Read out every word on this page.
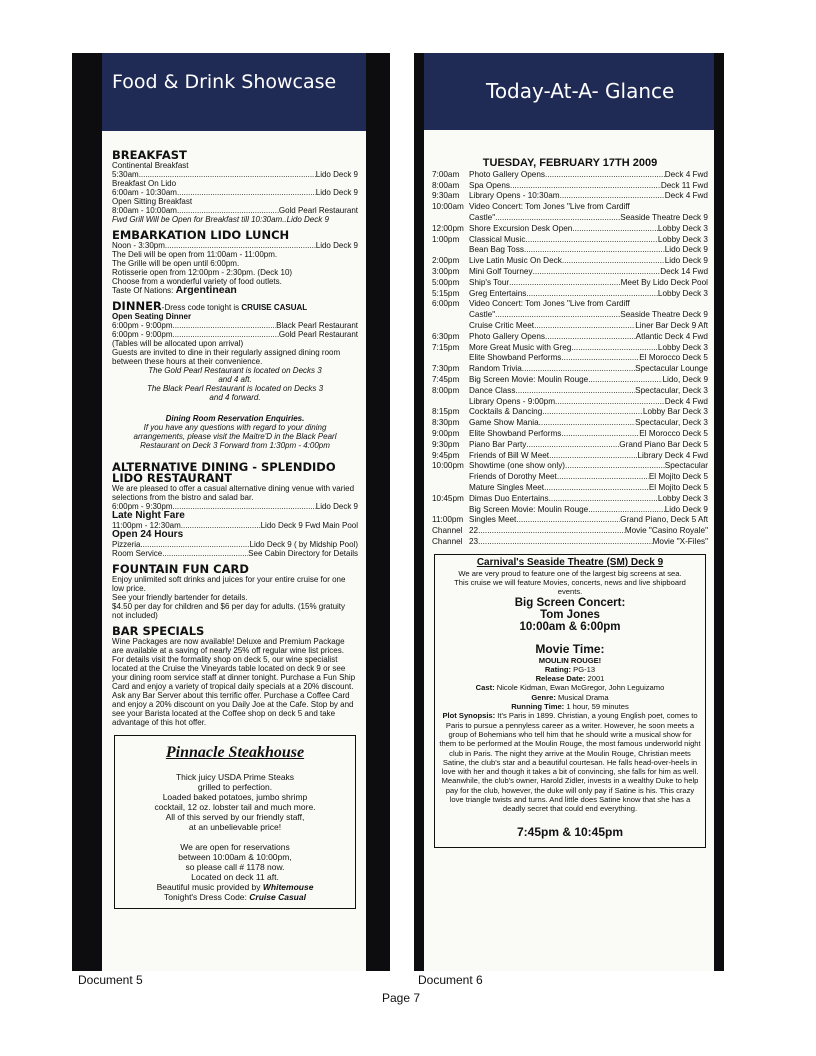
Food & Drink Showcase
BREAKFAST
Continental Breakfast
5:30am .....	Lido Deck 9
Breakfast On Lido
6:00am - 10:30am .....	Lido Deck 9
Open Sitting Breakfast
8:00am - 10:00am .....	Gold Pearl Restaurant
Fwd Grill Will be Open for Breakfast till 10:30am..Lido Deck 9
EMBARKATION LIDO LUNCH
Noon - 3:30pm .....	Lido Deck 9
The Deli will be open from 11:00am - 11:00pm.
The Grille will be open until 6:00pm.
Rotisserie open from 12:00pm - 2:30pm. (Deck 10)
Choose from a wonderful variety of food outlets.
Taste Of Nations: Argentinean
DINNER-Dress code tonight is CRUISE CASUAL
Open Seating Dinner
6:00pm - 9:00pm .....	Black Pearl Restaurant
6:00pm - 9:00pm .....	Gold Pearl Restaurant
(Tables will be allocated upon arrival)
Guests are invited to dine in their regularly assigned dining room between these hours at their convenience.
The Gold Pearl Restaurant is located on Decks 3 and 4 aft.
The Black Pearl Restaurant is located on Decks 3 and 4 forward.
Dining Room Reservation Enquiries.
If you have any questions with regard to your dining arrangements, please visit the Maitre'D in the Black Pearl Restaurant on Deck 3 Forward from 1:30pm - 4:00pm
ALTERNATIVE DINING - SPLENDIDO LIDO RESTAURANT
We are pleased to offer a casual alternative dining venue with varied selections from the bistro and salad bar.
6:00pm - 9:30pm .....	Lido Deck 9
Late Night Fare
11:00pm - 12:30am .....	Lido Deck 9 Fwd Main Pool
Open 24 Hours
Pizzeria .....	Lido Deck 9 ( by Midship Pool)
Room Service .....	See Cabin Directory for Details
FOUNTAIN FUN CARD
Enjoy unlimited soft drinks and juices for your entire cruise for one low price.
See your friendly bartender for details.
$4.50 per day for children and $6 per day for adults. (15% gratuity not included)
BAR SPECIALS
Wine Packages are now available! Deluxe and Premium Package are available at a saving of nearly 25% off regular wine list prices. For details visit the formality shop on deck 5, our wine specialist located at the Cruise the Vineyards table located on deck 9 or see your dining room service staff at dinner tonight. Purchase a Fun Ship Card and enjoy a variety of tropical daily specials at a 20% discount. Ask any Bar Server about this terrific offer. Purchase a Coffee Card and enjoy a 20% discount on you Daily Joe at the Cafe. Stop by and see your Barista located at the Coffee shop on deck 5 and take advantage of this hot offer.
Pinnacle Steakhouse
Thick juicy USDA Prime Steaks
grilled to perfection.
Loaded baked potatoes, jumbo shrimp
cocktail, 12 oz. lobster tail and much more.
All of this served by our friendly staff,
at an unbelievable price!
We are open for reservations
between 10:00am & 10:00pm,
so please call # 1178 now.
Located on deck 11 aft.
Beautiful music provided by Whitemouse
Tonight's Dress Code: Cruise Casual
Today-At-A- Glance
TUESDAY, FEBRUARY 17TH 2009
7:00am	Photo Gallery Opens .....	Deck 4 Fwd
8:00am	Spa Opens .....	Deck 11 Fwd
9:30am	Library Opens - 10:30am .....	Deck 4 Fwd
10:00am Video Concert: Tom Jones "Live from Cardiff
Castle" .....	Seaside Theatre Deck 9
12:00pm Shore Excursion Desk Open .....	Lobby Deck 3
1:00pm	Classical Music .....	Lobby Deck 3
Bean Bag Toss .....	Lido Deck 9
2:00pm	Live Latin Music On Deck .....	Lido Deck 9
3:00pm	Mini Golf Tourney .....	Deck 14 Fwd
5:00pm	Ship's Tour .....	Meet By Lido Deck Pool
5:15pm	Greg Entertains .....	Lobby Deck 3
6:00pm	Video Concert: Tom Jones "Live from Cardiff
Castle" .....	Seaside Theatre Deck 9
Cruise Critic Meet .....	Liner Bar Deck 9 Aft
6:30pm	Photo Gallery Opens .....	Atlantic Deck 4 Fwd
7:15pm	More Great Music with Greg .....	Lobby Deck 3
Elite Showband Performs .....	El Morocco Deck 5
7:30pm	Random Trivia .....	Spectacular Lounge
7:45pm	Big Screen Movie: Moulin Rouge .....	Lido, Deck 9
8:00pm	Dance Class .....	Spectacular, Deck 3
Library Opens - 9:00pm .....	Deck 4 Fwd
8:15pm	Cocktails & Dancing .....	Lobby Bar Deck 3
8:30pm	Game Show Mania .....	Spectacular, Deck 3
9:00pm	Elite Showband Performs .....	El Morocco Deck 5
9:30pm	Piano Bar Party .....	Grand Piano Bar Deck 5
9:45pm	Friends of Bill W Meet .....	Library Deck 4 Fwd
10:00pm Showtime (one show only) .....	Spectacular
Friends of Dorothy Meet .....	El Mojito Deck 5
Mature Singles Meet .....	El Mojito Deck 5
10:45pm Dimas Duo Entertains .....	Lobby Deck 3
Big Screen Movie: Moulin Rouge .....	Lido Deck 9
11:00pm Singles Meet .....	Grand Piano, Deck 5 Aft
Channel 22 .....	Movie "Casino Royale"
Channel 23 .....	Movie "X-Files"
Carnival's Seaside Theatre (SM) Deck 9
We are very proud to feature one of the largest big screens at sea. This cruise we will feature Movies, concerts, news and live shipboard events.
Big Screen Concert:
Tom Jones
10:00am & 6:00pm
Movie Time:
MOULIN ROUGE!
Rating: PG-13
Release Date: 2001
Cast: Nicole Kidman, Ewan McGregor, John Leguizamo
Genre: Musical Drama
Running Time: 1 hour, 59 minutes
Plot Synopsis: It's Paris in 1899. Christian, a young English poet, comes to Paris to pursue a pennyless career as a writer. However, he soon meets a group of Bohemians who tell him that he should write a musical show for them to be performed at the Moulin Rouge, the most famous underworld night club in Paris. The night they arrive at the Moulin Rouge, Christian meets Satine, the club's star and a beautiful courtesan. He falls head-over-heels in love with her and though it takes a bit of convincing, she falls for him as well. Meanwhile, the club's owner, Harold Zidler, invests in a wealthy Duke to help pay for the club, however, the duke will only pay if Satine is his. This crazy love triangle twists and turns. And little does Satine know that she has a deadly secret that could end everything.
7:45pm & 10:45pm
Document 5	Document 6
Page 7
